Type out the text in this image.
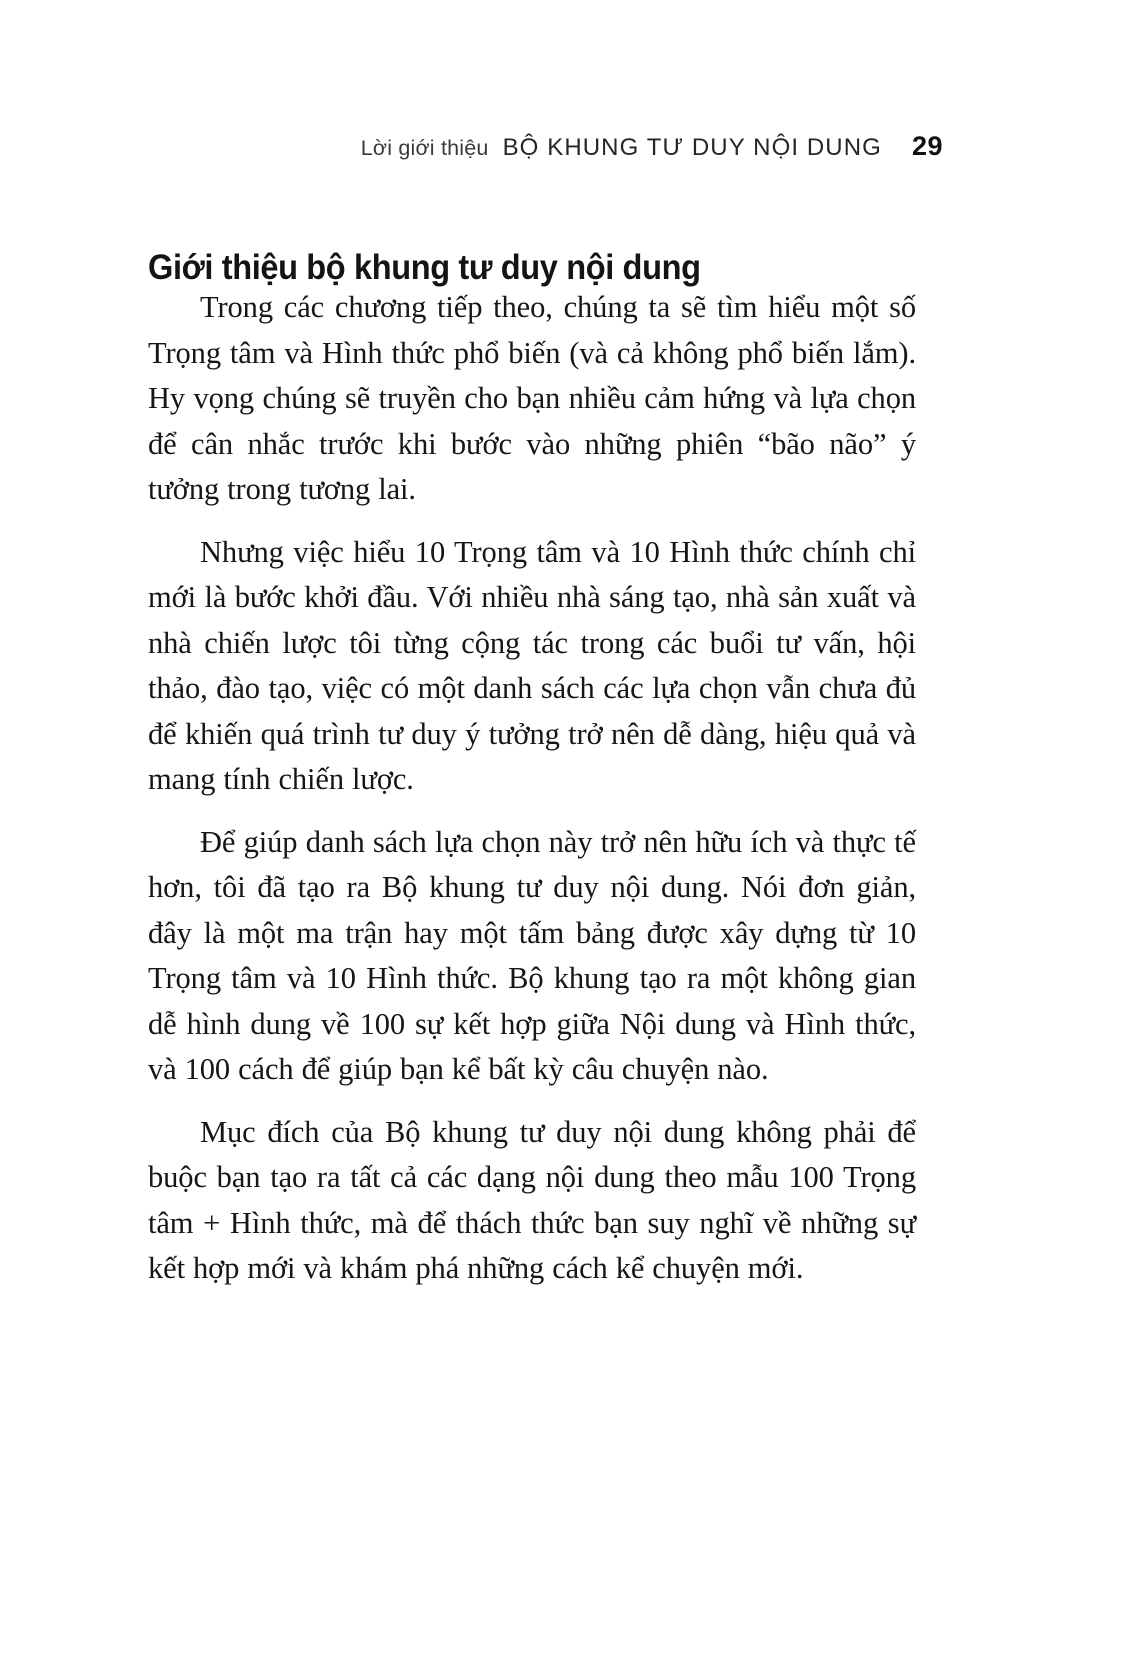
Lời giới thiệu BỘ KHUNG TƯ DUY NỘI DUNG 29
Giới thiệu bộ khung tư duy nội dung

Trong các chương tiếp theo, chúng ta sẽ tìm hiểu một số Trọng tâm và Hình thức phổ biến (và cả không phổ biến lắm). Hy vọng chúng sẽ truyền cho bạn nhiều cảm hứng và lựa chọn để cân nhắc trước khi bước vào những phiên “bão não” ý tưởng trong tương lai.

Nhưng việc hiểu 10 Trọng tâm và 10 Hình thức chính chỉ mới là bước khởi đầu. Với nhiều nhà sáng tạo, nhà sản xuất và nhà chiến lược tôi từng cộng tác trong các buổi tư vấn, hội thảo, đào tạo, việc có một danh sách các lựa chọn vẫn chưa đủ để khiến quá trình tư duy ý tưởng trở nên dễ dàng, hiệu quả và mang tính chiến lược.

Để giúp danh sách lựa chọn này trở nên hữu ích và thực tế hơn, tôi đã tạo ra Bộ khung tư duy nội dung. Nói đơn giản, đây là một ma trận hay một tấm bảng được xây dựng từ 10 Trọng tâm và 10 Hình thức. Bộ khung tạo ra một không gian dễ hình dung về 100 sự kết hợp giữa Nội dung và Hình thức, và 100 cách để giúp bạn kể bất kỳ câu chuyện nào.

Mục đích của Bộ khung tư duy nội dung không phải để buộc bạn tạo ra tất cả các dạng nội dung theo mẫu 100 Trọng tâm + Hình thức, mà để thách thức bạn suy nghĩ về những sự kết hợp mới và khám phá những cách kể chuyện mới.
